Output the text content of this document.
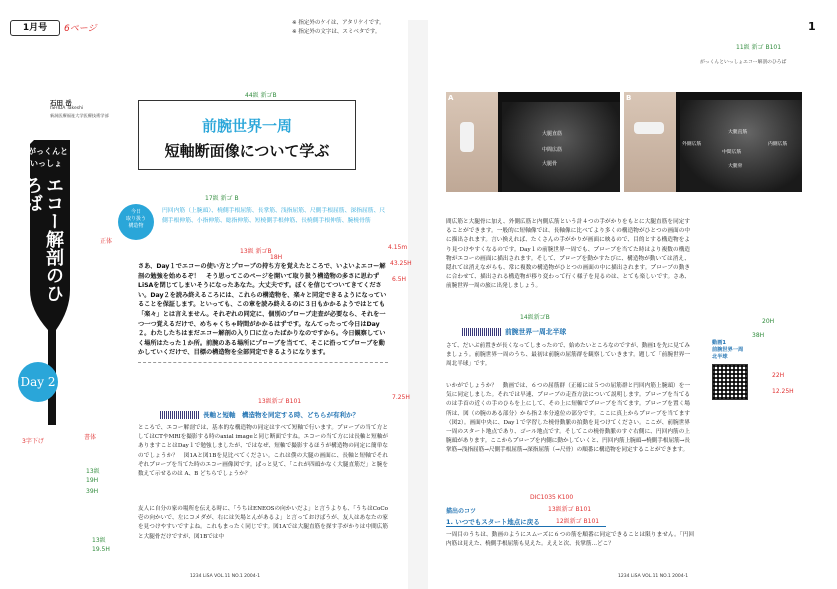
1月号	6ページ
※ 指定外のケイは、アタリケイです。
※ 指定外の文字は、スミベタです。	1
石田 岳
ISHIDA Takeshi
新潟医療福祉大学医療技術学部
がっくんと
いっしょ
エコー解剖のひろば
Day 2
前腕世界一周
短軸断面像について学ぶ
今日
取り扱う
構造物
円回内筋（上腕頭）、橈側手根屈筋、長掌筋、浅指屈筋、尺側手根屈筋、深指屈筋、尺側手根伸筋、小指伸筋、総指伸筋、短橈側手根伸筋、長橈側手根伸筋、腕橈骨筋
さあ、Day１でエコーの使い方とプローブの持ち方を覚えたところで、いよいよエコー解剖の勉強を始めるぞ！　そう思ってこのページを開いて取り扱う構造物の多さに思わずLiSAを閉じてしまいそうになったあなた。大丈夫です。ぼくを信じてついてきてください。Day２を読み終えるころには、これらの構造物を、楽々と同定できるようになっていることを保証します。といっても、この章を読み終えるのに３日もかかるようではとても「楽々」とは言えません。それぞれの同定に、個別のプローブ走査が必要なら、それを一つ一つ覚えるだけで、めちゃくちゃ時間がかかるはずです。なんてったって今日はDay２。わたしたちはまだエコー解剖の入り口に立ったばかりなのですから。今日観察していく場所はたった１か所。前腕のある場所にプローブを当てて、そこに沿ってプローブを動かしていくだけで、目標の構造物を全部同定できるようになります。
長軸と短軸　構造物を同定する時、どちらが有利か？
ところで、エコー解剖では、基本的な構造物の同定はすべて短軸で行います。プローブの当て方としてはCTやMRIを撮影する時のaxial imageと同じ断面ですね。エコーの当て方には長軸と短軸がありますことはDay１で勉強しましたが、ではなぜ、短軸で撮影するほうが構造物の同定に簡単なのでしょうか？　図1Aと図1Bを見比べてください。これは僕の大腿の画面に、長軸と短軸でそれぞれプローブを当てた時のエコー画像図です。ぱっと見て、「これが四頭かなく大腿直筋だ」と腕を数えて示せるのは A、B どちらでしょうか？
友人に自分の家の場所を伝える時に、「うちはENEOSの向かいだよ」と言うよりも、「うちはCoCo壱の向かいで、左にコメダが、右には矢場とんがあるよ」と言っておけばうが、友人はあなたの家を見つけやすいですよね。これもまったく同じです。図1Aでは大腿直筋を探す手がかりは中間広筋と大腿骨だけですが、図1Bでは中
44級 新ゴB
17級 新ゴ B
13級 新ゴB
18H
正体
書体
13級
19H
39H
13級
19.5H
3字下げ
4.15m
43.25H
6.5H
7.25H
13級新ゴ B101
1234 LiSA VOL.11 NO.1 2004-1
がっくんといっしょエコー解剖のひろば
A
大腿直筋
中間広筋
大腿骨
B
外側広筋
大腿直筋
中間広筋
大腿骨
内側広筋
間広筋と大腿骨に加え、外側広筋と内側広筋という計４つの手がかりをもとに大腿直筋を同定することができます。一般的に短軸像では、長軸像に比べてより多くの構造物がひとつの画面の中に描出されます。言い換えれば、たくさんの手がかりが画面に映るので、目的とする構造物をより見つけやすくなるのです。Day１の前腕世界一周でも、プローブを当てた時はより複数の構造物がエコーの画面に描出されます。そして、プローブを動かすたびに、構造物が動いては消え、隠れては消えながらも、常に複数の構造物がひとつの画面の中に描出されます。プローブの動きに合わせて、描出される構造物が移り変わって行く様子を見るのは、とても楽しいです。さあ、前腕世界一周の旅に出発しましょう。
前腕世界一周北半球
さて、だいぶ前置きが長くなってしまったので、始めたいところなのですが、動画1を先に見てみましょう。前腕世界一周のうち、最初は前腕の屈筋群を観察していきます。題して「前腕世界一周北半球」です。
いかがでしょうか？　動画では、６つの屈筋群（正確には５つの屈筋群と円回内筋上腕頭）を一気に同定しました。それでは早速、プローブの走査方法について説明します。プローブを当てるのは手首の近くの手のひらを上にして、その上に短軸でプローブを当てます。プローブを置く場所は、図（の腕のある部分）から指２本分遠位の部分です。ここに真上からプローブを当てます（図2）。画面中央に、Day１で学習した橈骨動脈の拍動を見つけてください。ここが、前腕世界一周のスタート地点であり、ゴール地点です。そしてこの橈骨動脈のすぐ右側に、円回内筋の上腕頭があります。ここからプローブを内側に動かしていくと、円回内筋上腕頭→橈側手根屈筋→長掌筋→浅指屈筋→尺側手根屈筋→深指屈筋（→尺骨）の順番に構造物を同定することができます。
描出のコツ
1. いつでもスタート地点に戻る
一周目のうちは、動画のようにスムーズに６つの筋を順番に同定できることは限りません。「円回内筋は見えた、橈側手根屈筋も見えた。ええと次、長掌筋…どこ？
動画1
前腕世界一周
北半球
11級 新ゴ B101
22H
12.25H
20H
38H
13級新ゴ B101
12級新ゴ B101
14級新ゴB
DIC1035 K100
1234 LiSA VOL.11 NO.1 2004-1
